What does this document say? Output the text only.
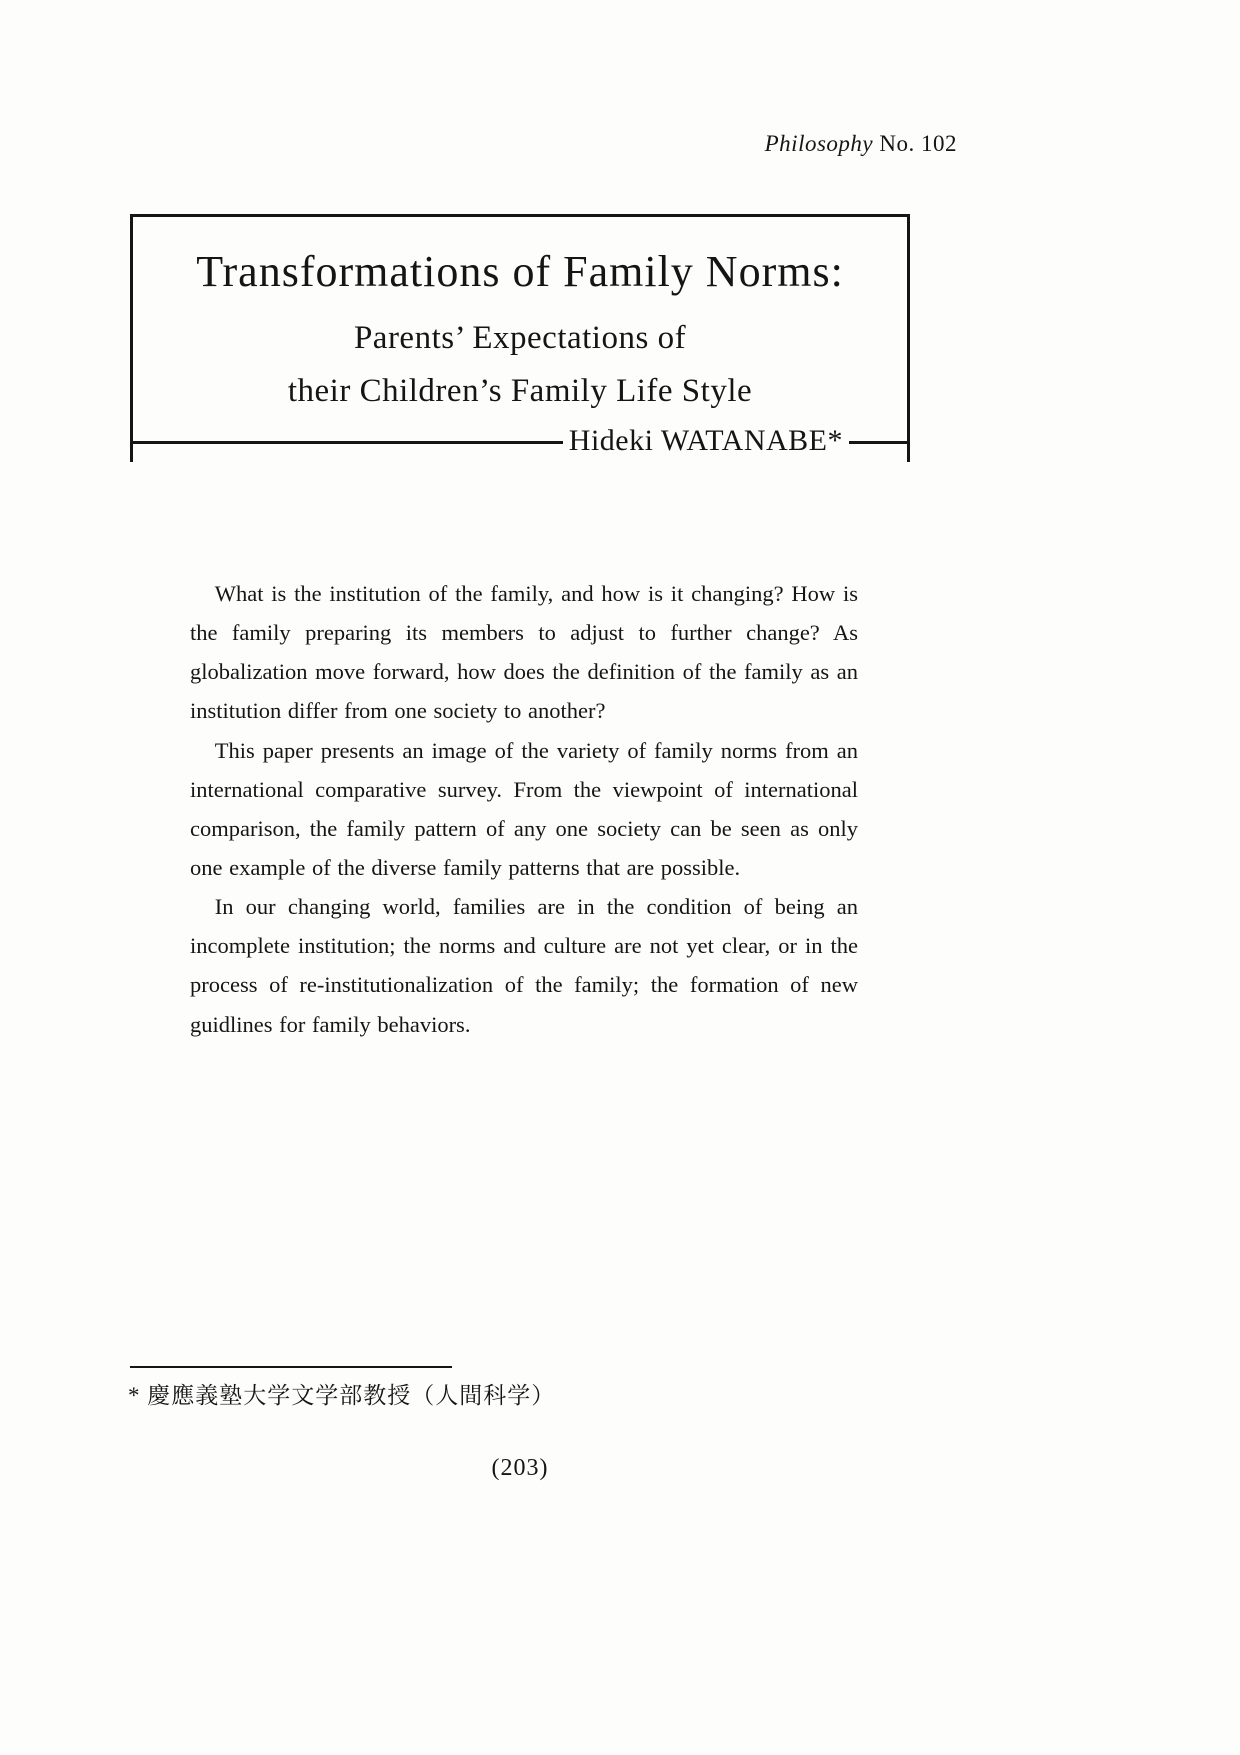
Philosophy No. 102
Transformations of Family Norms:
Parents’ Expectations of
their Children’s Family Life Style
Hideki WATANABE*

What is the institution of the family, and how is it changing? How is the family preparing its members to adjust to further change? As globalization move forward, how does the definition of the family as an institution differ from one society to another?

This paper presents an image of the variety of family norms from an international comparative survey. From the viewpoint of international comparison, the family pattern of any one society can be seen as only one example of the diverse family patterns that are possible.

In our changing world, families are in the condition of being an incomplete institution; the norms and culture are not yet clear, or in the process of re-institutionalization of the family; the formation of new guidlines for family behaviors.

* 慶應義塾大学文学部教授（人間科学）
(203)
